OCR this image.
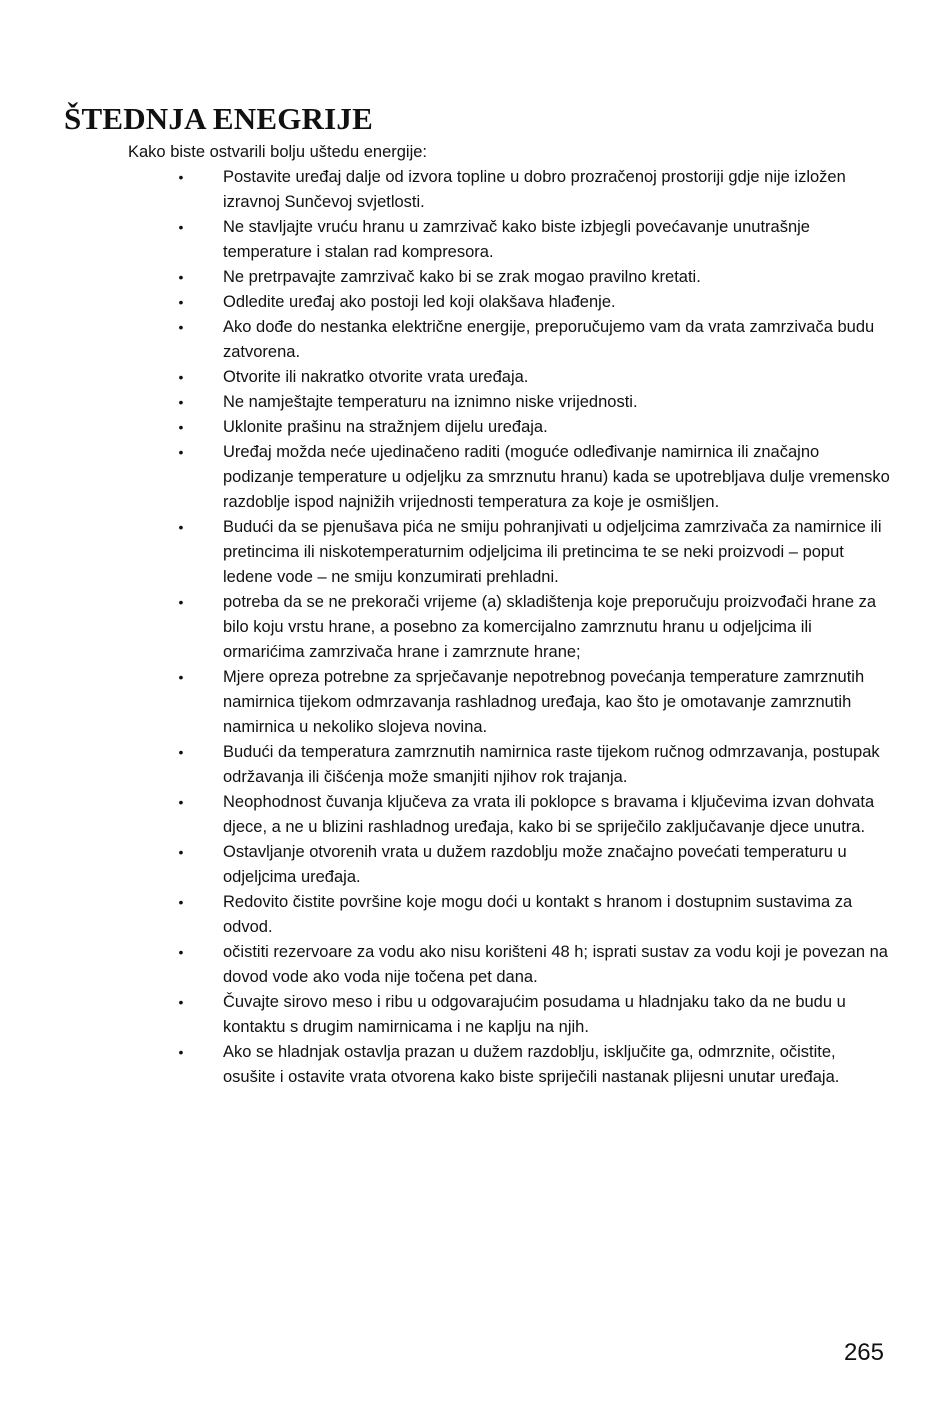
ŠTEDNJA ENEGRIJE
Kako biste ostvarili bolju uštedu energije:
• Postavite uređaj dalje od izvora topline u dobro prozračenoj prostoriji gdje nije izložen izravnoj Sunčevoj svjetlosti.
• Ne stavljajte vruću hranu u zamrzivač kako biste izbjegli povećavanje unutrašnje temperature i stalan rad kompresora.
• Ne pretrpavajte zamrzivač kako bi se zrak mogao pravilno kretati.
• Odledite uređaj ako postoji led koji olakšava hlađenje.
• Ako dođe do nestanka električne energije, preporučujemo vam da vrata zamrzivača budu zatvorena.
• Otvorite ili nakratko otvorite vrata uređaja.
• Ne namještajte temperaturu na iznimno niske vrijednosti.
• Uklonite prašinu na stražnjem dijelu uređaja.
• Uređaj možda neće ujedinačeno raditi (moguće odleđivanje namirnica ili značajno podizanje temperature u odjeljku za smrznutu hranu) kada se upotrebljava dulje vremensko razdoblje ispod najnižih vrijednosti temperatura za koje je osmišljen.
• Budući da se pjenušava pića ne smiju pohranjivati u odjeljcima zamrzivača za namirnice ili pretincima ili niskotemperaturnim odjeljcima ili pretincima te se neki proizvodi – poput ledene vode – ne smiju konzumirati prehladni.
• potreba da se ne prekorači vrijeme (a) skladištenja koje preporučuju proizvođači hrane za bilo koju vrstu hrane, a posebno za komercijalno zamrznutu hranu u odjeljcima ili ormarićima zamrzivača hrane i zamrznute hrane;
• Mjere opreza potrebne za sprječavanje nepotrebnog povećanja temperature zamrznutih namirnica tijekom odmrzavanja rashladnog uređaja, kao što je omotavanje zamrznutih namirnica u nekoliko slojeva novina.
• Budući da temperatura zamrznutih namirnica raste tijekom ručnog odmrzavanja, postupak održavanja ili čišćenja može smanjiti njihov rok trajanja.
• Neophodnost čuvanja ključeva za vrata ili poklopce s bravama i ključevima izvan dohvata djece, a ne u blizini rashladnog uređaja, kako bi se spriječilo zaključavanje djece unutra.
• Ostavljanje otvorenih vrata u dužem razdoblju može značajno povećati temperaturu u odjeljcima uređaja.
• Redovito čistite površine koje mogu doći u kontakt s hranom i dostupnim sustavima za odvod.
• očistiti rezervoare za vodu ako nisu korišteni 48 h; isprati sustav za vodu koji je povezan na dovod vode ako voda nije točena pet dana.
• Čuvajte sirovo meso i ribu u odgovarajućim posudama u hladnjaku tako da ne budu u kontaktu s drugim namirnicama i ne kaplju na njih.
• Ako se hladnjak ostavlja prazan u dužem razdoblju, isključite ga, odmrznite, očistite, osušite i ostavite vrata otvorena kako biste spriječili nastanak plijesni unutar uređaja.
265
